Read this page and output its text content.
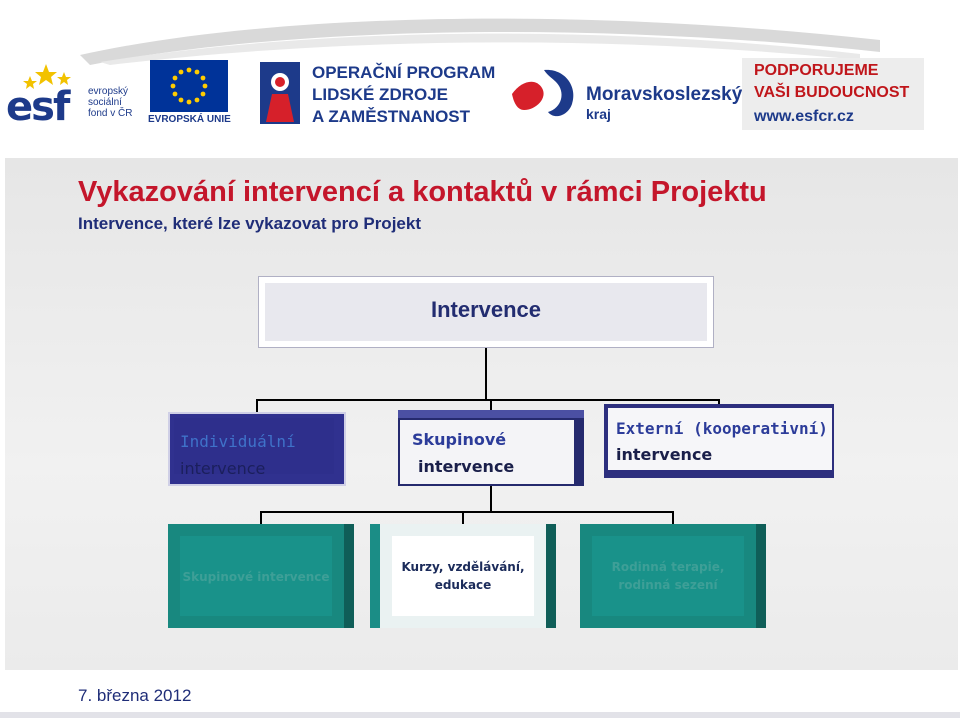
esf evropský
sociální
fond v ČR
EVROPSKÁ UNIE
OPERAČNÍ PROGRAM
LIDSKÉ ZDROJE
A ZAMĚSTNANOST
Moravskoslezský
kraj
PODPORUJEME
VAŠI BUDOUCNOST
www.esfcr.cz
Vykazování intervencí a kontaktů v rámci Projektu
Intervence, které lze vykazovat pro Projekt
Intervence
Individuální
intervence
Skupinové
intervence
Externí (kooperativní)
intervence
Skupinové intervence
Kurzy, vzdělávání,
edukace
Rodinná terapie,
rodinná sezení
7. března 2012
